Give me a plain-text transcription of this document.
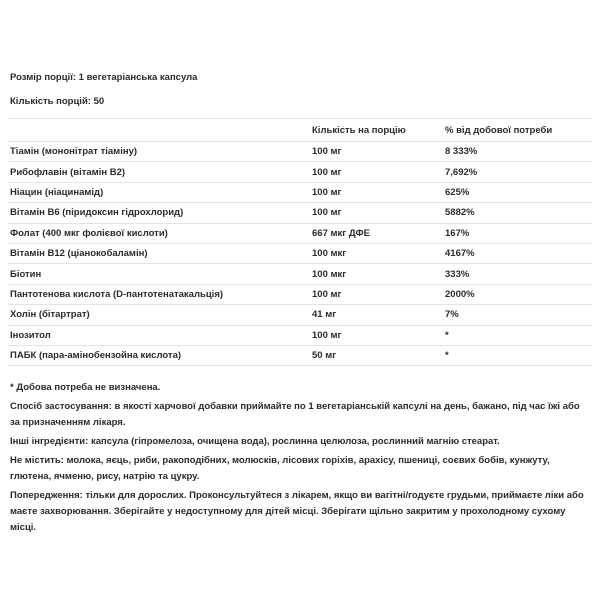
Розмір порції: 1 вегетаріанська капсула

Кількість порцій: 50

	Кількість на порцію	% від добової потреби
Тіамін (мононітрат тіаміну)	100 мг	8 333%
Рибофлавін (вітамін B2)	100 мг	7,692%
Ніацин (ніацинамід)	100 мг	625%
Вітамін B6 (піридоксин гідрохлорид)	100 мг	5882%
Фолат (400 мкг фолієвої кислоти)	667 мкг ДФЕ	167%
Вітамін B12 (ціанокобаламін)	100 мкг	4167%
Біотин	100 мкг	333%
Пантотенова кислота (D-пантотенатакальція)	100 мг	2000%
Холін (бітартрат)	41 мг	7%
Інозитол	100 мг	*
ПАБК (пара-амінобензойна кислота)	50 мг	*

* Добова потреба не визначена.

Спосіб застосування: в якості харчової добавки приймайте по 1 вегетаріанській капсулі на день, бажано, під час їжі або за призначенням лікаря.

Інші інгредієнти: капсула (гіпромелоза, очищена вода), рослинна целюлоза, рослинний магнію стеарат.

Не містить: молока, яєць, риби, ракоподібних, молюсків, лісових горіхів, арахісу, пшениці, соєвих бобів, кунжуту, глютена, ячменю, рису, натрію та цукру.

Попередження: тільки для дорослих. Проконсультуйтеся з лікарем, якщо ви вагітні/годуєте грудьми, приймаєте ліки або маєте захворювання. Зберігайте у недоступному для дітей місці. Зберігати щільно закритим у прохолодному сухому місці.
